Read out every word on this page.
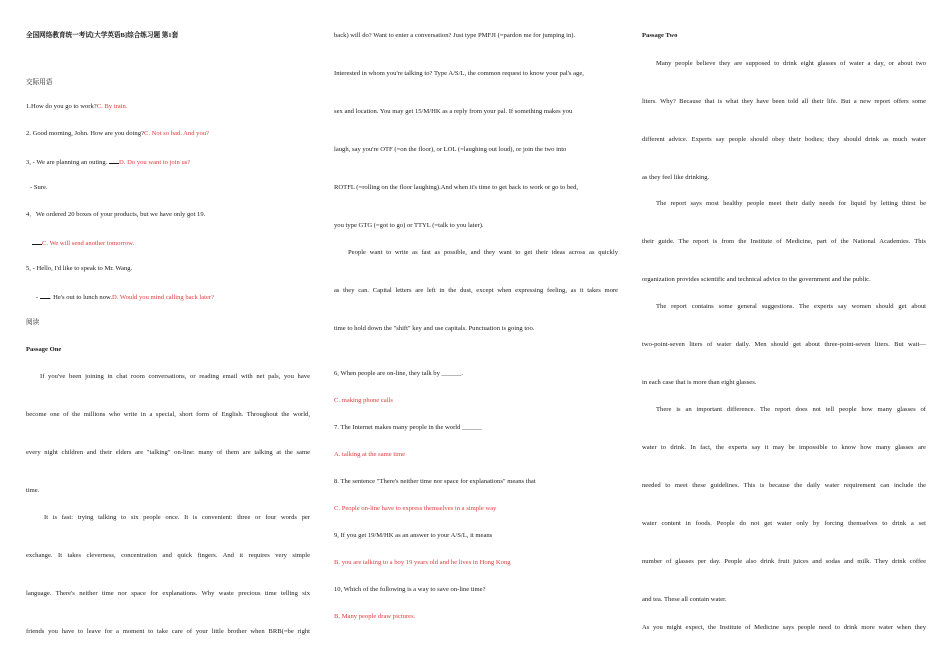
全国网络教育统一考试[大学英语B]综合练习题 第1套
交际用语
1.How do you go to work?C. By train.
2. Good morning, John. How are you doing?C. Not so bad. And you?
3, - We are planning an outing. D. Do you want to join us?
- Sure.
4．We ordered 20 boxes of your products, but we have only got 19.
C. We will send another tomorrow.
5, - Hello, I'd like to speak to Mr. Wang.
- . He's out to lunch now.D. Would you mind calling back later?
阅读
Passage One
If you've been joining in chat room conversations, or reading email with net pals, you have
become one of the millions who write in a special, short form of English. Throughout the world,
every night children and their elders are "talking" on-line: many of them are talking at the same
time.
It is fast: trying talking to six people once. It is convenient: three or four words per
exchange. It takes cleverness, concentration and quick fingers. And it requires very simple
language. There's neither time nor space for explanations. Why waste precious time telling six
friends you have to leave for a moment to take care of your little brother when BRB(=be right
back) will do? Want to enter a conversation? Just type PMFJI (=pardon me for jumping in).
Interested in whom you're talking to? Type A/S/L, the common request to know your pal's age,
sex and location. You may get 15/M/HK as a reply from your pal. If something makes you
laugh, say you're OTF (=on the floor), or LOL (=laughing out loud), or join the two into
ROTFL (=rolling on the floor laughing).And when it's time to get back to work or go to bed,
you type GTG (=got to go) or TTYL (=talk to you later).
People want to write as fast as possible, and they want to get their ideas across as quickly
as they can. Capital letters are left in the dust, except when expressing feeling, as it takes more
time to hold down the "shift" key and use capitals. Punctuation is going too.
6, When people are on-line, they talk by ______.
C. making phone calls
7. The Internet makes many people in the world ______
A. talking at the same time
8. The sentence "There's neither time nor space for explanations" means that
C. People on-line have to express themselves in a simple way
9, If you get 19/M/HK as an answer to your A/S/L, it means
B. you are talking to a boy 19 years old and he lives in Hong Kong
10, Which of the following is a way to save on-line time?
B. Many people draw pictures.
Passage Two
Many people believe they are supposed to drink eight glasses of water a day, or about two
liters. Why? Because that is what they have been told all their life. But a new report offers some
different advice. Experts say people should obey their bodies; they should drink as much water
as they feel like drinking.
The report says most healthy people meet their daily needs for liquid by letting thirst be
their guide. The report is from the Institute of Medicine, part of the National Academies. This
organization provides scientific and technical advice to the government and the public.
The report contains some general suggestions. The experts say women should get about
two-point-seven liters of water daily. Men should get about three-point-seven liters. But wait—
in each case that is more than eight glasses.
There is an important difference. The report does not tell people how many glasses of
water to drink. In fact, the experts say it may be impossible to know how many glasses are
needed to meet these guidelines. This is because the daily water requirement can include the
water content in foods. People do not get water only by forcing themselves to drink a set
number of glasses per day. People also drink fruit juices and sodas and milk. They drink coffee
and tea. These all contain water.
As you might expect, the Institute of Medicine says people need to drink more water when they
